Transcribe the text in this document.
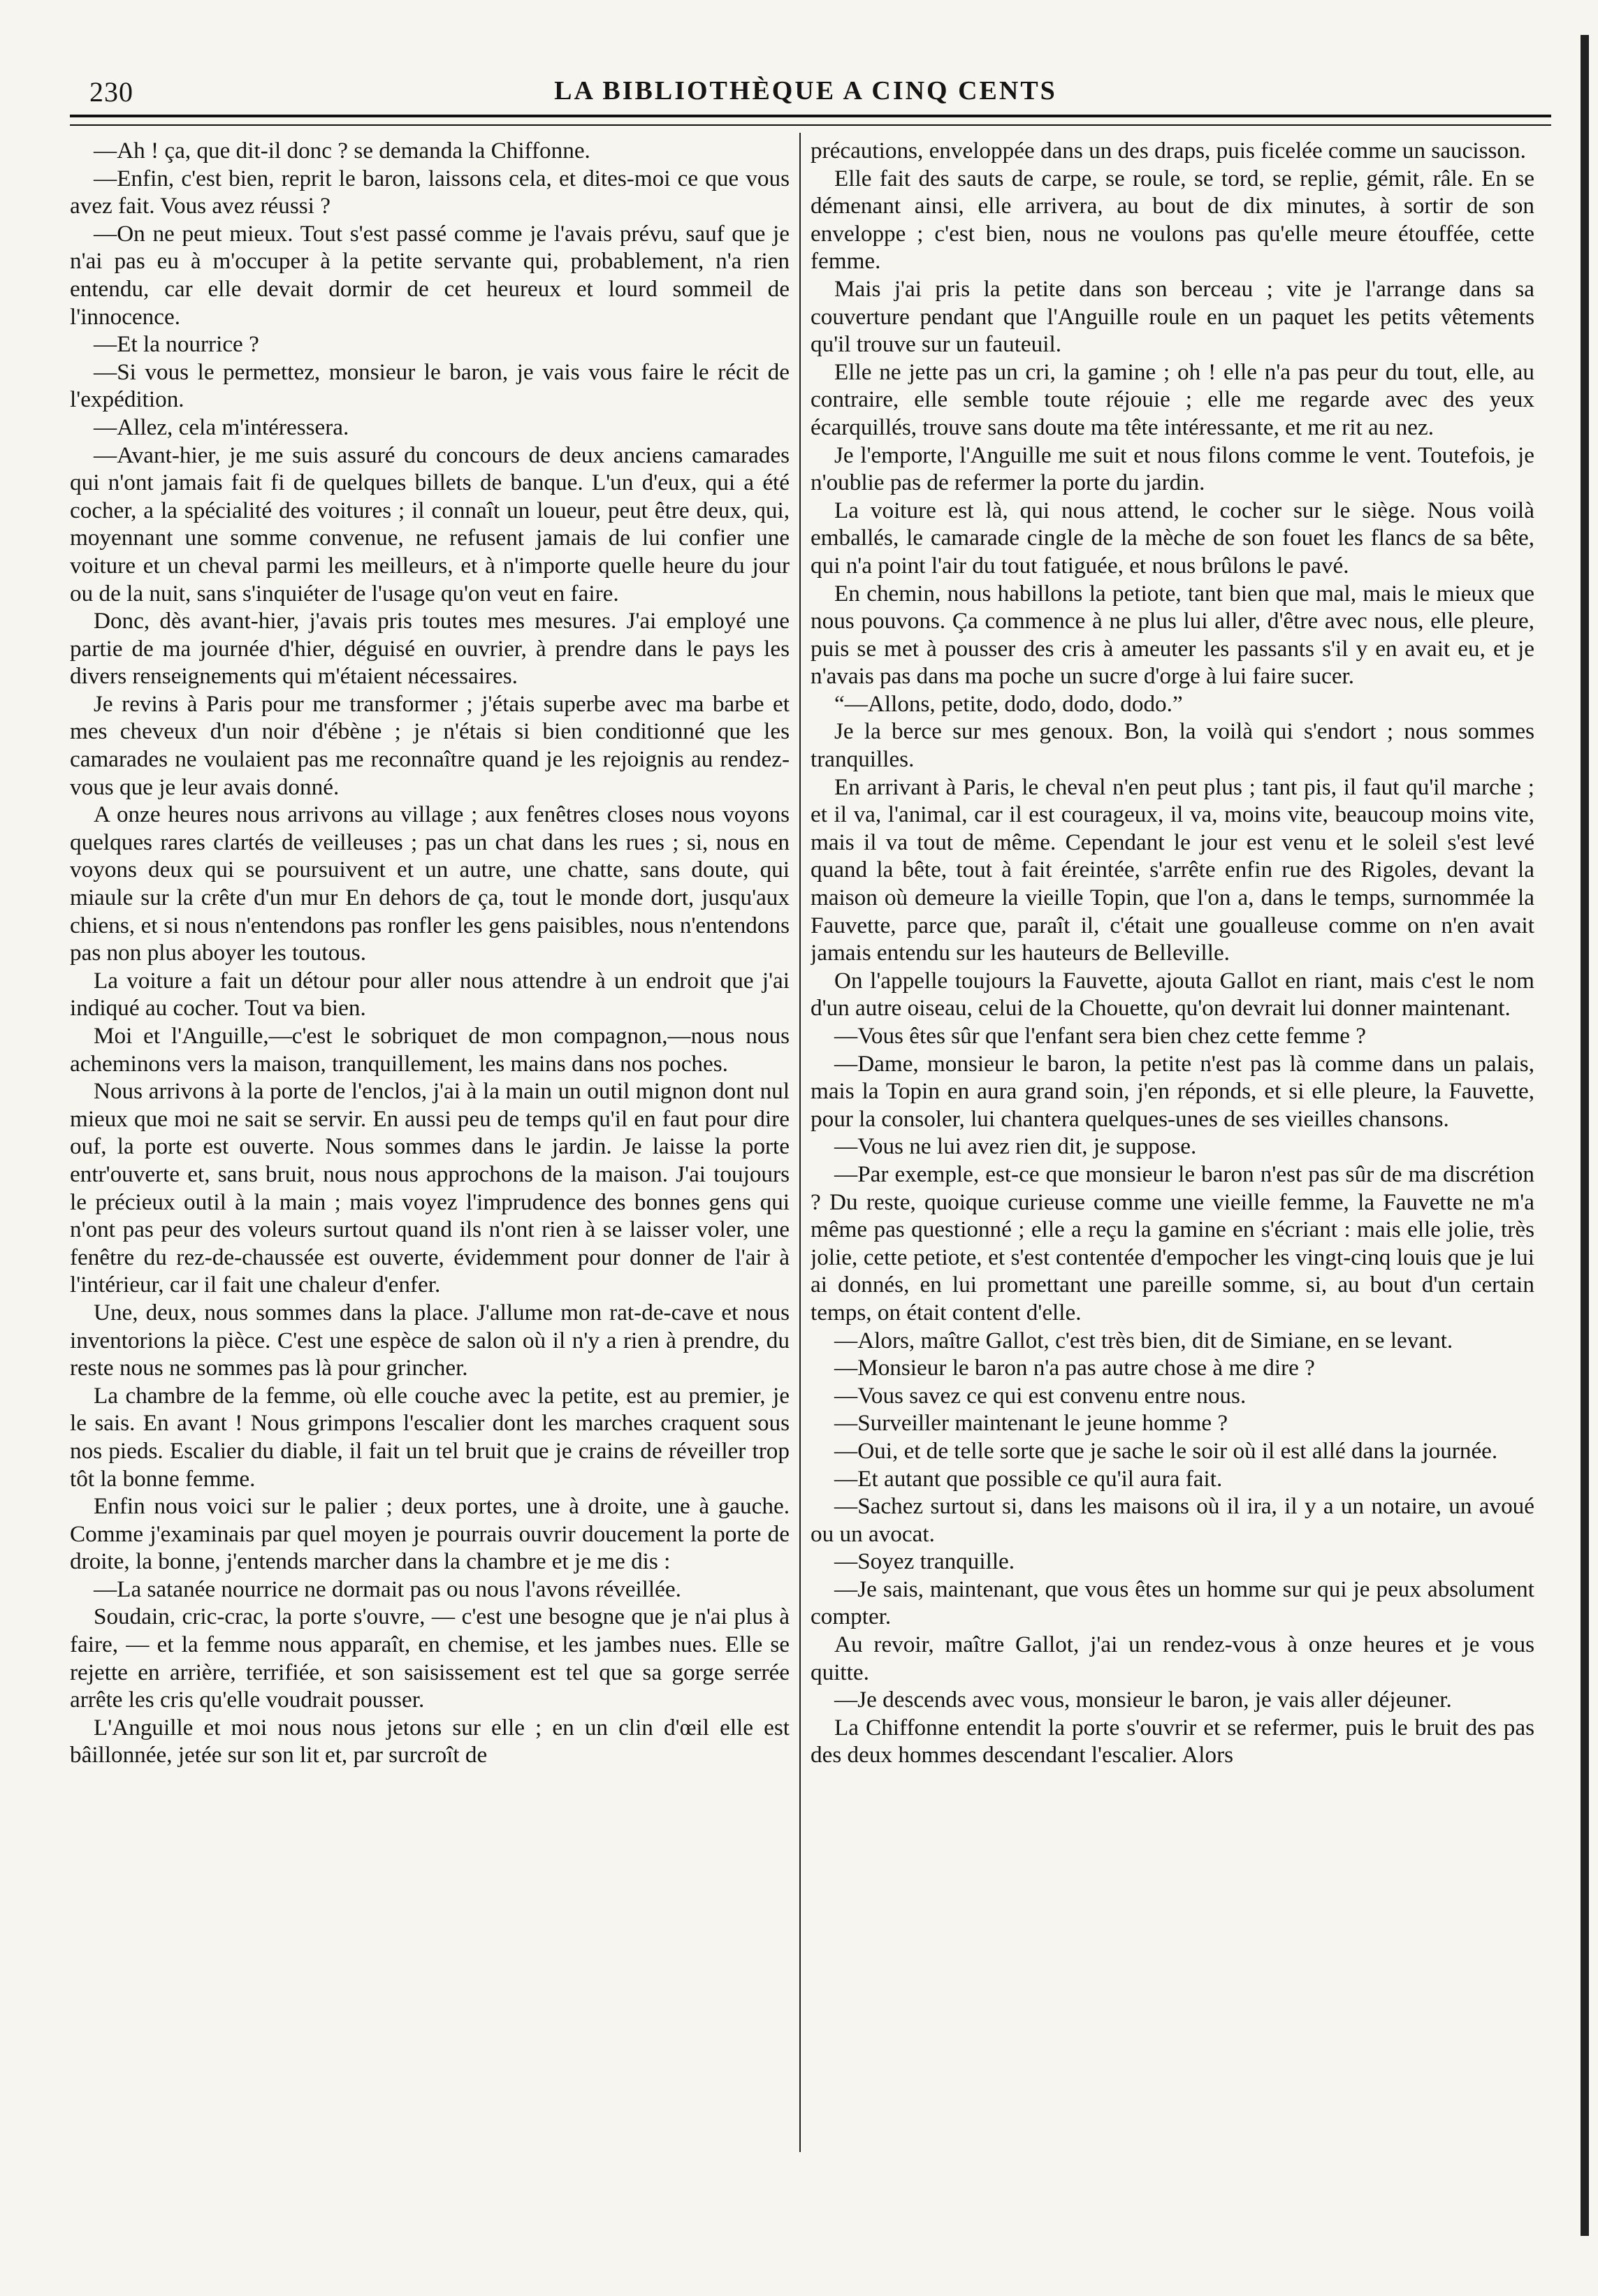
230	LA BIBLIOTHÈQUE A CINQ CENTS

—Ah ! ça, que dit-il donc ? se demanda la Chiffonne.

—Enfin, c'est bien, reprit le baron, laissons cela, et dites-moi ce que vous avez fait. Vous avez réussi ?

—On ne peut mieux. Tout s'est passé comme je l'avais prévu, sauf que je n'ai pas eu à m'occuper à la petite servante qui, probablement, n'a rien entendu, car elle devait dormir de cet heureux et lourd sommeil de l'innocence.

—Et la nourrice ?

—Si vous le permettez, monsieur le baron, je vais vous faire le récit de l'expédition.

—Allez, cela m'intéressera.

—Avant-hier, je me suis assuré du concours de deux anciens camarades qui n'ont jamais fait fi de quelques billets de banque. L'un d'eux, qui a été cocher, a la spécialité des voitures ; il connaît un loueur, peut être deux, qui, moyennant une somme convenue, ne refusent jamais de lui confier une voiture et un cheval parmi les meilleurs, et à n'importe quelle heure du jour ou de la nuit, sans s'inquiéter de l'usage qu'on veut en faire.

Donc, dès avant-hier, j'avais pris toutes mes mesures. J'ai employé une partie de ma journée d'hier, déguisé en ouvrier, à prendre dans le pays les divers renseignements qui m'étaient nécessaires.

Je revins à Paris pour me transformer ; j'étais superbe avec ma barbe et mes cheveux d'un noir d'ébène ; je n'étais si bien conditionné que les camarades ne voulaient pas me reconnaître quand je les rejoignis au rendez-vous que je leur avais donné.

A onze heures nous arrivons au village ; aux fenêtres closes nous voyons quelques rares clartés de veilleuses ; pas un chat dans les rues ; si, nous en voyons deux qui se poursuivent et un autre, une chatte, sans doute, qui miaule sur la crête d'un mur En dehors de ça, tout le monde dort, jusqu'aux chiens, et si nous n'entendons pas ronfler les gens paisibles, nous n'entendons pas non plus aboyer les toutous.

La voiture a fait un détour pour aller nous attendre à un endroit que j'ai indiqué au cocher. Tout va bien.

Moi et l'Anguille,—c'est le sobriquet de mon compagnon,—nous nous acheminons vers la maison, tranquillement, les mains dans nos poches.

Nous arrivons à la porte de l'enclos, j'ai à la main un outil mignon dont nul mieux que moi ne sait se servir. En aussi peu de temps qu'il en faut pour dire ouf, la porte est ouverte. Nous sommes dans le jardin. Je laisse la porte entr'ouverte et, sans bruit, nous nous approchons de la maison. J'ai toujours le précieux outil à la main ; mais voyez l'imprudence des bonnes gens qui n'ont pas peur des voleurs surtout quand ils n'ont rien à se laisser voler, une fenêtre du rez-de-chaussée est ouverte, évidemment pour donner de l'air à l'intérieur, car il fait une chaleur d'enfer.

Une, deux, nous sommes dans la place. J'allume mon rat-de-cave et nous inventorions la pièce. C'est une espèce de salon où il n'y a rien à prendre, du reste nous ne sommes pas là pour grincher.

La chambre de la femme, où elle couche avec la petite, est au premier, je le sais. En avant ! Nous grimpons l'escalier dont les marches craquent sous nos pieds. Escalier du diable, il fait un tel bruit que je crains de réveiller trop tôt la bonne femme.

Enfin nous voici sur le palier ; deux portes, une à droite, une à gauche. Comme j'examinais par quel moyen je pourrais ouvrir doucement la porte de droite, la bonne, j'entends marcher dans la chambre et je me dis :

—La satanée nourrice ne dormait pas ou nous l'avons réveillée.

Soudain, cric-crac, la porte s'ouvre, — c'est une besogne que je n'ai plus à faire, — et la femme nous apparaît, en chemise, et les jambes nues. Elle se rejette en arrière, terrifiée, et son saisissement est tel que sa gorge serrée arrête les cris qu'elle voudrait pousser.

L'Anguille et moi nous nous jetons sur elle ; en un clin d'œil elle est bâillonnée, jetée sur son lit et, par surcroît de

précautions, enveloppée dans un des draps, puis ficelée comme un saucisson.

Elle fait des sauts de carpe, se roule, se tord, se replie, gémit, râle. En se démenant ainsi, elle arrivera, au bout de dix minutes, à sortir de son enveloppe ; c'est bien, nous ne voulons pas qu'elle meure étouffée, cette femme.

Mais j'ai pris la petite dans son berceau ; vite je l'arrange dans sa couverture pendant que l'Anguille roule en un paquet les petits vêtements qu'il trouve sur un fauteuil.

Elle ne jette pas un cri, la gamine ; oh ! elle n'a pas peur du tout, elle, au contraire, elle semble toute réjouie ; elle me regarde avec des yeux écarquillés, trouve sans doute ma tête intéressante, et me rit au nez.

Je l'emporte, l'Anguille me suit et nous filons comme le vent. Toutefois, je n'oublie pas de refermer la porte du jardin.

La voiture est là, qui nous attend, le cocher sur le siège. Nous voilà emballés, le camarade cingle de la mèche de son fouet les flancs de sa bête, qui n'a point l'air du tout fatiguée, et nous brûlons le pavé.

En chemin, nous habillons la petiote, tant bien que mal, mais le mieux que nous pouvons. Ça commence à ne plus lui aller, d'être avec nous, elle pleure, puis se met à pousser des cris à ameuter les passants s'il y en avait eu, et je n'avais pas dans ma poche un sucre d'orge à lui faire sucer.

“—Allons, petite, dodo, dodo, dodo.”

Je la berce sur mes genoux. Bon, la voilà qui s'endort ; nous sommes tranquilles.

En arrivant à Paris, le cheval n'en peut plus ; tant pis, il faut qu'il marche ; et il va, l'animal, car il est courageux, il va, moins vite, beaucoup moins vite, mais il va tout de même. Cependant le jour est venu et le soleil s'est levé quand la bête, tout à fait éreintée, s'arrête enfin rue des Rigoles, devant la maison où demeure la vieille Topin, que l'on a, dans le temps, surnommée la Fauvette, parce que, paraît il, c'était une goualleuse comme on n'en avait jamais entendu sur les hauteurs de Belleville.

On l'appelle toujours la Fauvette, ajouta Gallot en riant, mais c'est le nom d'un autre oiseau, celui de la Chouette, qu'on devrait lui donner maintenant.

—Vous êtes sûr que l'enfant sera bien chez cette femme ?

—Dame, monsieur le baron, la petite n'est pas là comme dans un palais, mais la Topin en aura grand soin, j'en réponds, et si elle pleure, la Fauvette, pour la consoler, lui chantera quelques-unes de ses vieilles chansons.

—Vous ne lui avez rien dit, je suppose.

—Par exemple, est-ce que monsieur le baron n'est pas sûr de ma discrétion ? Du reste, quoique curieuse comme une vieille femme, la Fauvette ne m'a même pas questionné ; elle a reçu la gamine en s'écriant : mais elle jolie, très jolie, cette petiote, et s'est contentée d'empocher les vingt-cinq louis que je lui ai donnés, en lui promettant une pareille somme, si, au bout d'un certain temps, on était content d'elle.

—Alors, maître Gallot, c'est très bien, dit de Simiane, en se levant.

—Monsieur le baron n'a pas autre chose à me dire ?

—Vous savez ce qui est convenu entre nous.

—Surveiller maintenant le jeune homme ?

—Oui, et de telle sorte que je sache le soir où il est allé dans la journée.

—Et autant que possible ce qu'il aura fait.

—Sachez surtout si, dans les maisons où il ira, il y a un notaire, un avoué ou un avocat.

—Soyez tranquille.

—Je sais, maintenant, que vous êtes un homme sur qui je peux absolument compter.

Au revoir, maître Gallot, j'ai un rendez-vous à onze heures et je vous quitte.

—Je descends avec vous, monsieur le baron, je vais aller déjeuner.

La Chiffonne entendit la porte s'ouvrir et se refermer, puis le bruit des pas des deux hommes descendant l'escalier. Alors
